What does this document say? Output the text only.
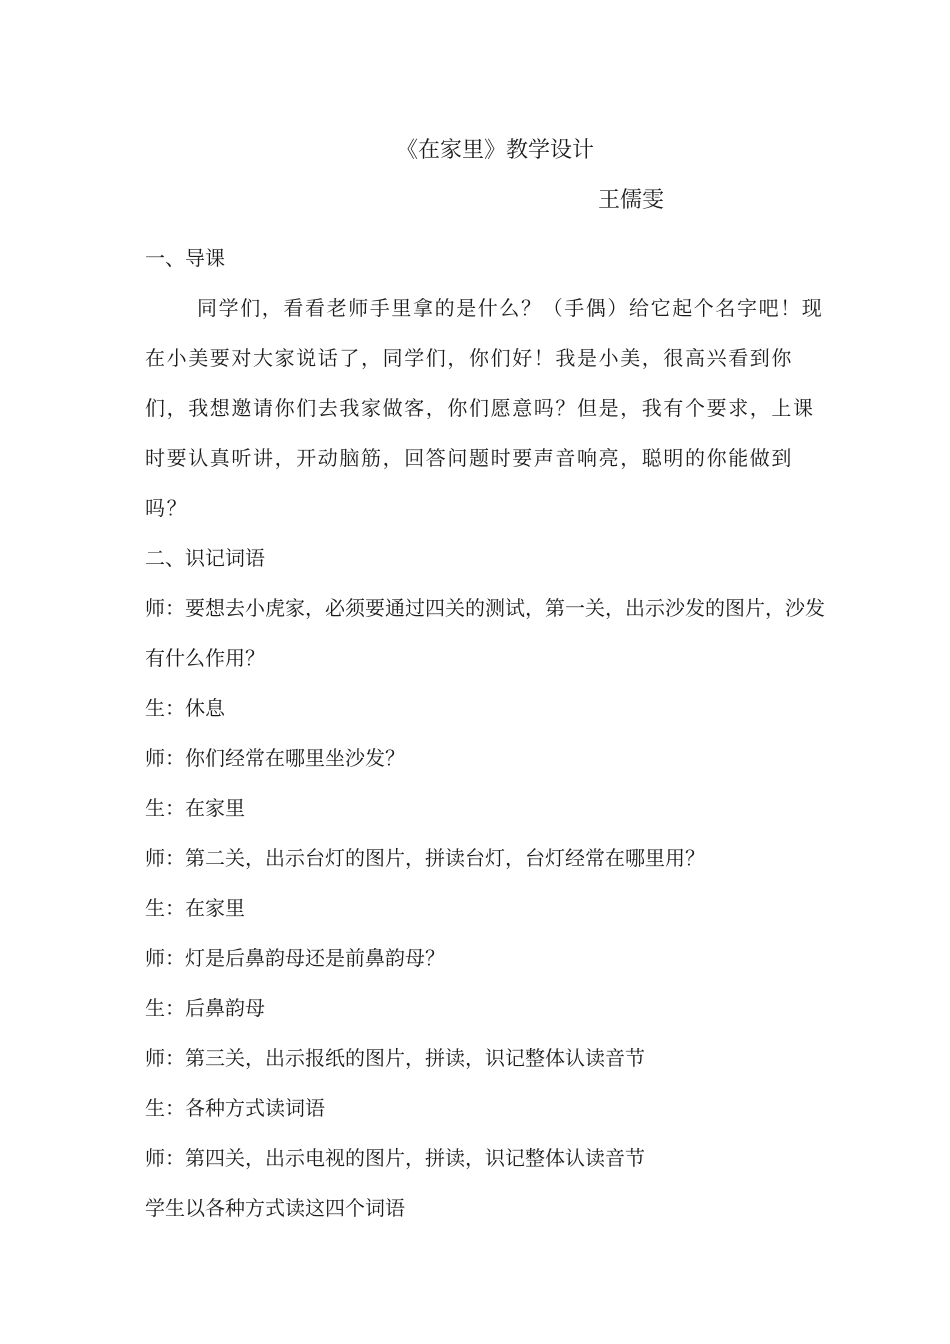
《在家里》教学设计
王儒雯

一、导课

同学们，看看老师手里拿的是什么？（手偶）给它起个名字吧！现在小美要对大家说话了，同学们，你们好！我是小美，很高兴看到你们，我想邀请你们去我家做客，你们愿意吗？但是，我有个要求，上课时要认真听讲，开动脑筋，回答问题时要声音响亮，聪明的你能做到吗？

二、识记词语

师：要想去小虎家，必须要通过四关的测试，第一关，出示沙发的图片，沙发有什么作用？

生：休息

师：你们经常在哪里坐沙发？

生：在家里

师：第二关，出示台灯的图片，拼读台灯，台灯经常在哪里用？

生：在家里

师：灯是后鼻韵母还是前鼻韵母？

生：后鼻韵母

师：第三关，出示报纸的图片，拼读，识记整体认读音节

生：各种方式读词语

师：第四关，出示电视的图片，拼读，识记整体认读音节

学生以各种方式读这四个词语
